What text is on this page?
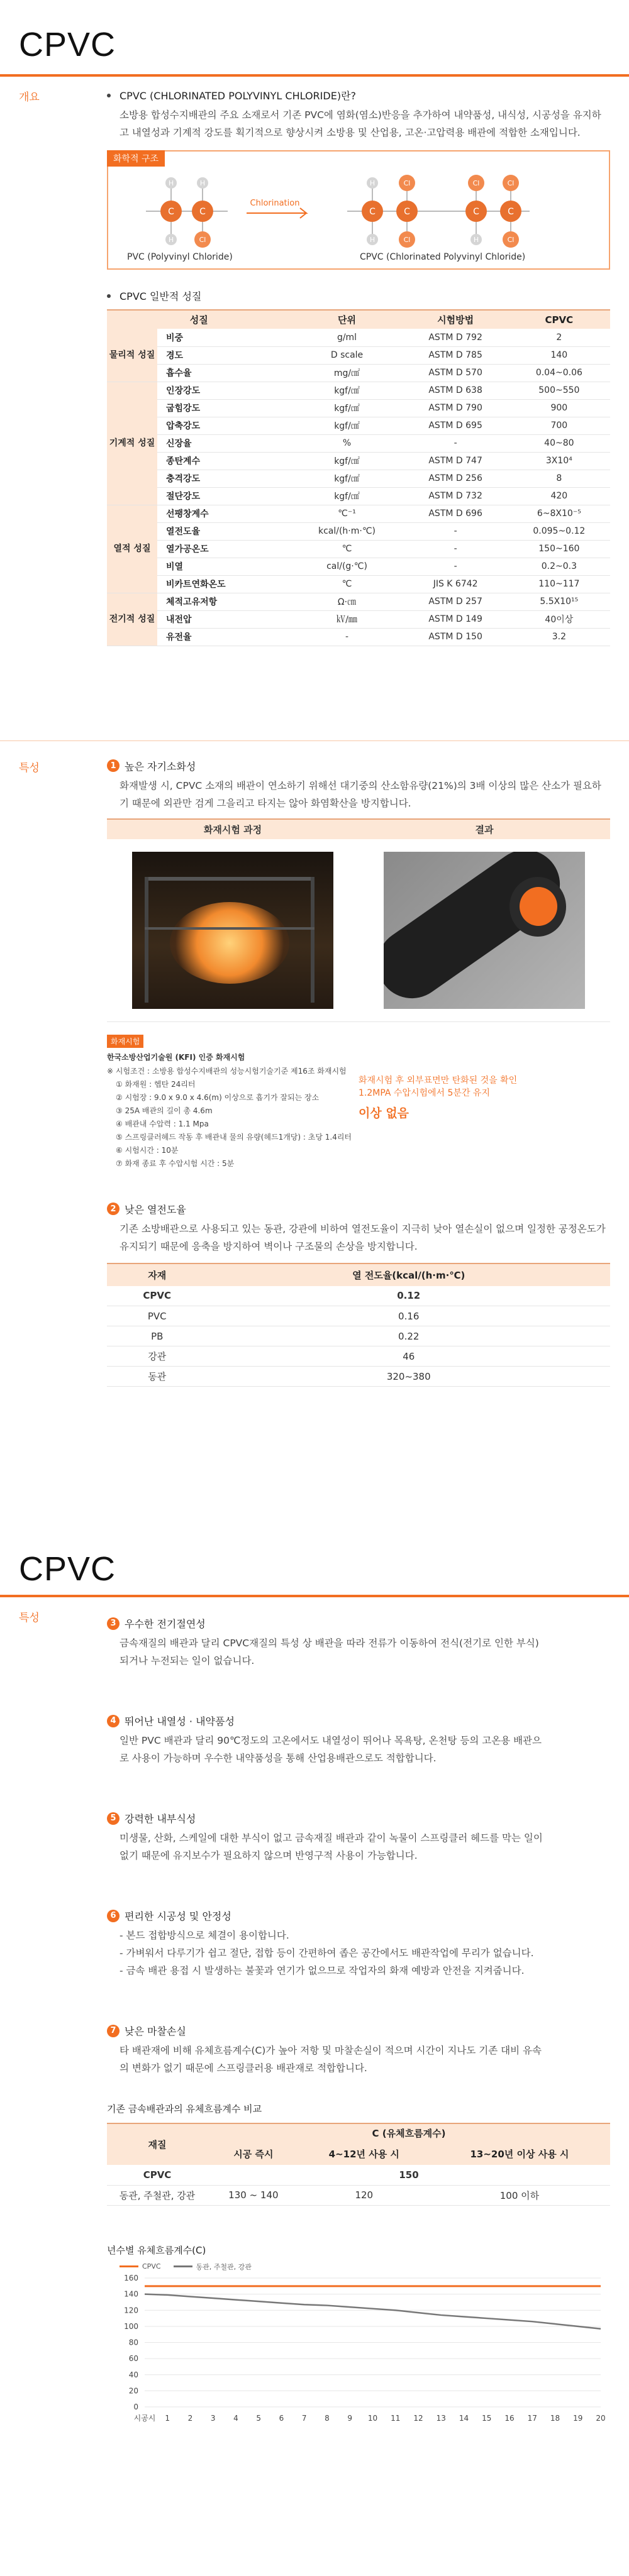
CPVC
개요	CPVC (CHLORINATED POLYVINYL CHLORIDE)란?
소방용 합성수지배관의 주요 소재로서 기존 PVC에 염화(염소)반응을 추가하여 내약품성, 내식성, 시공성을 유지하고 내열성과 기계적 강도를 획기적으로 향상시켜 소방용 및 산업용, 고온·고압력용 배관에 적합한 소재입니다.
화학적 구조
H	H
H	Cl
C	C
Chlorination
H	Cl
H	Cl
C	C
Cl	Cl
H	Cl
C	C
PVC (Polyvinyl Chloride)	CPVC (Chlorinated Polyvinyl Chloride)
CPVC 일반적 성질
성질		단위	시험방법	CPVC
물리적 성질	비중	g/ml	ASTM D 792	2
	경도	D scale	ASTM D 785	140
	흡수율	mg/㎠	ASTM D 570	0.04~0.06
기계적 성질	인장강도	kgf/㎠	ASTM D 638	500~550
	굽힘강도	kgf/㎠	ASTM D 790	900
	압축강도	kgf/㎠	ASTM D 695	700
	신장율	%	-	40~80
	종탄계수	kgf/㎠	ASTM D 747	3X10⁴
	충격강도	kgf/㎠	ASTM D 256	8
	절단강도	kgf/㎠	ASTM D 732	420
열적 성질	선팽창계수	℃⁻¹	ASTM D 696	6~8X10⁻⁵
	열전도율	kcal/(h·m·℃)	-	0.095~0.12
	열가공온도	℃	-	150~160
	비열	cal/(g·℃)	-	0.2~0.3
	비카트연화온도	℃	JIS K 6742	110~117
전기적 성질	체적고유저항	Ω·㎝	ASTM D 257	5.5X10¹⁵
	내전압	㎸/㎜	ASTM D 149	40이상
	유전율	-	ASTM D 150	3.2
특성	1 높은 자기소화성
화재발생 시, CPVC 소재의 배관이 연소하기 위해선 대기중의 산소함유량(21%)의 3배 이상의 많은 산소가 필요하기 때문에 외관만 검게 그을리고 타지는 않아 화염확산을 방지합니다.
화재시험 과정	결과

화재시험
한국소방산업기술원 (KFI) 인증 화재시험
※ 시험조건 : 소방용 합성수지배관의 성능시험기술기준 제16조 화재시험
① 화재원 : 헵탄 24리터
② 시험장 : 9.0 x 9.0 x 4.6(m) 이상으로 흡기가 잘되는 장소
③ 25A 배관의 길이 총 4.6m
④ 배관내 수압력 : 1.1 Mpa
⑤ 스프링클러헤드 작동 후 배관내 물의 유량(헤드1개당) : 초당 1.4리터
⑥ 시험시간 : 10분
⑦ 화재 종료 후 수압시험 시간 : 5분
화재시험 후 외부표면만 탄화된 것을 확인
1.2MPA 수압시험에서 5분간 유지
이상 없음
2 낮은 열전도율
기존 소방배관으로 사용되고 있는 동관, 강관에 비하여 열전도율이 지극히 낮아 열손실이 없으며 일정한 공정온도가 유지되기 때문에 응축을 방지하여 벽이나 구조물의 손상을 방지합니다.
자재	열 전도율(kcal/(h·m·℃)
CPVC	0.12
PVC	0.16
PB	0.22
강관	46
동관	320~380
CPVC
특성	3 우수한 전기절연성
금속재질의 배관과 달리 CPVC재질의 특성 상 배관을 따라 전류가 이동하여 전식(전기로 인한 부식)
되거나 누전되는 일이 없습니다.
4 뛰어난 내열성 · 내약품성
일반 PVC 배관과 달리 90℃정도의 고온에서도 내열성이 뛰어나 목욕탕, 온천탕 등의 고온용 배관으
로 사용이 가능하며 우수한 내약품성을 통해 산업용배관으로도 적합합니다.
5 강력한 내부식성
미생물, 산화, 스케일에 대한 부식이 없고 금속재질 배관과 같이 녹물이 스프링클러 헤드를 막는 일이
없기 때문에 유지보수가 필요하지 않으며 반영구적 사용이 가능합니다.
6 편리한 시공성 및 안정성
- 본드 접합방식으로 체결이 용이합니다.
- 가벼워서 다루기가 쉽고 절단, 접합 등이 간편하여 좁은 공간에서도 배관작업에 무리가 없습니다.
- 금속 배관 용접 시 발생하는 불꽃과 연기가 없으므로 작업자의 화재 예방과 안전을 지켜줍니다.
7 낮은 마찰손실
타 배관재에 비해 유체흐름계수(C)가 높아 저항 및 마찰손실이 적으며 시간이 지나도 기존 대비 유속
의 변화가 없기 때문에 스프링클러용 배관재로 적합합니다.
기존 금속배관과의 유체흐름계수 비교
재질	C (유체흐름계수)		
	시공 즉시	4~12년 사용 시	13~20년 이상 사용 시
CPVC	150		
동관, 주철관, 강관	130 ~ 140	120	100 이하
년수별 유체흐름계수(C)
CPVC	동관, 주철관, 강관
0
20
40
60
80
100
120
140
160
시공시 1 2 3 4 5 6 7 8 9 10 11 12 13 14 15 16 17 18 19 20
